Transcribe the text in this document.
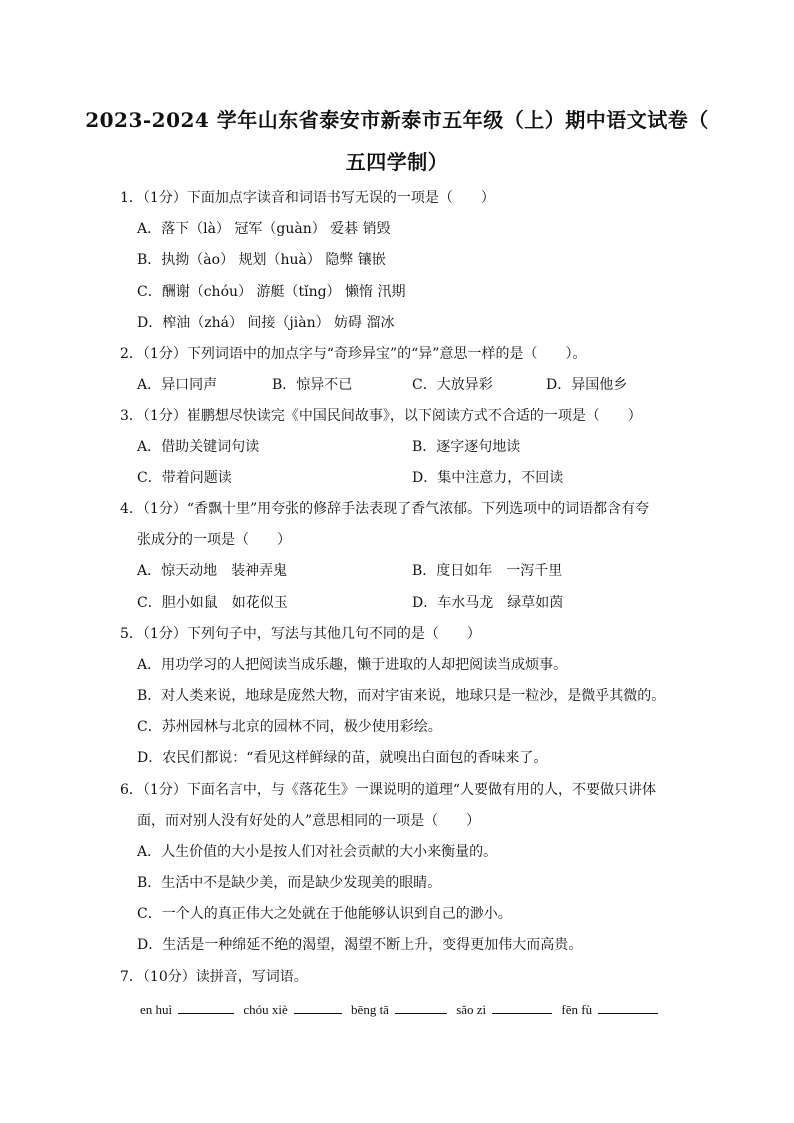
2023-2024 学年山东省泰安市新泰市五年级（上）期中语文试卷（
五四学制）
1．（1分）下面加点字读音和词语书写无误的一项是（　　）
A．落下（là） 冠军（guàn） 爱碁 销毁
B．执拗（ào） 规划（huà） 隐弊 镶嵌
C．酬谢（chóu） 游艇（tǐng） 懒惰 汛期
D．榨油（zhá） 间接（jiàn） 妨碍 溜冰
2．（1分）下列词语中的加点字与“奇珍异宝”的“异”意思一样的是（　　）。
A．异口同声	B．惊异不已	C．大放异彩	D．异国他乡
3．（1分）崔鹏想尽快读完《中国民间故事》，以下阅读方式不合适的一项是（　　）
A．借助关键词句读	B．逐字逐句地读
C．带着问题读	D．集中注意力，不回读
4．（1分）“香飘十里”用夸张的修辞手法表现了香气浓郁。下列选项中的词语都含有夸
张成分的一项是（　　）
A．惊天动地　装神弄鬼	B．度日如年　一泻千里
C．胆小如鼠　如花似玉	D．车水马龙　绿草如茵
5．（1分）下列句子中，写法与其他几句不同的是（　　）
A．用功学习的人把阅读当成乐趣，懒于进取的人却把阅读当成烦事。
B．对人类来说，地球是庞然大物，而对宇宙来说，地球只是一粒沙，是微乎其微的。
C．苏州园林与北京的园林不同，极少使用彩绘。
D．农民们都说：“看见这样鲜绿的苗，就嗅出白面包的香味来了。
6．（1分）下面名言中，与《落花生》一课说明的道理“人要做有用的人，不要做只讲体
面，而对别人没有好处的人”意思相同的一项是（　　）
A．人生价值的大小是按人们对社会贡献的大小来衡量的。
B．生活中不是缺少美，而是缺少发现美的眼睛。
C．一个人的真正伟大之处就在于他能够认识到自己的渺小。
D．生活是一种绵延不绝的渴望，渴望不断上升，变得更加伟大而高贵。
7．（10分）读拼音，写词语。
en huì	chóu xiè	bēng tā	sǎo zi	fēn fù
